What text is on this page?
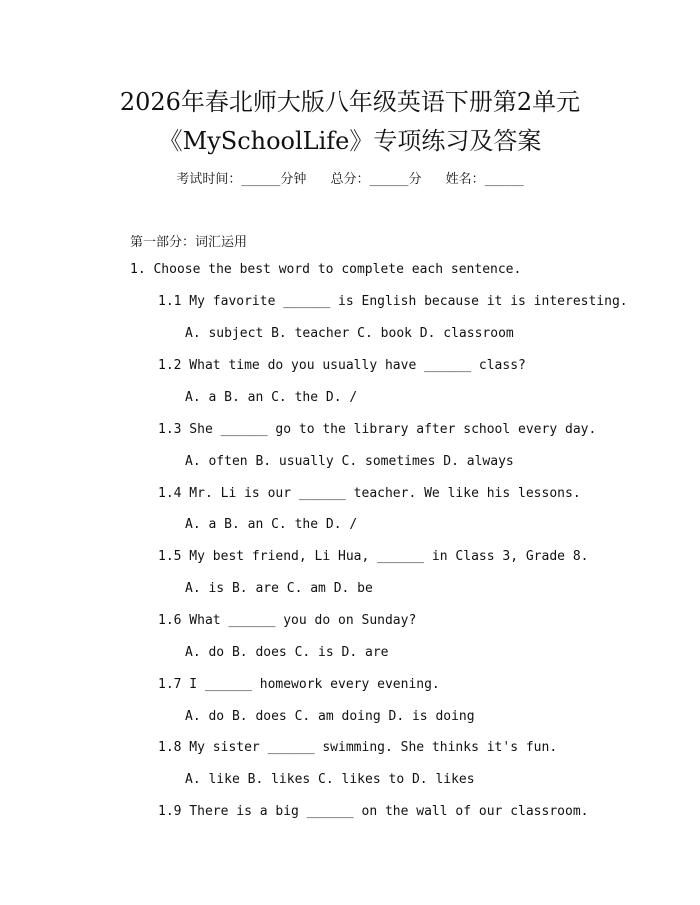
2026年春北师大版八年级英语下册第2单元
《MySchoolLife》专项练习及答案
考试时间：______分钟 总分：______分 姓名：______
第一部分：词汇运用
1. Choose the best word to complete each sentence.
1.1 My favorite ______ is English because it is interesting.
A. subject B. teacher C. book D. classroom
1.2 What time do you usually have ______ class?
A. a B. an C. the D. /
1.3 She ______ go to the library after school every day.
A. often B. usually C. sometimes D. always
1.4 Mr. Li is our ______ teacher. We like his lessons.
A. a B. an C. the D. /
1.5 My best friend, Li Hua, ______ in Class 3, Grade 8.
A. is B. are C. am D. be
1.6 What ______ you do on Sunday?
A. do B. does C. is D. are
1.7 I ______ homework every evening.
A. do B. does C. am doing D. is doing
1.8 My sister ______ swimming. She thinks it's fun.
A. like B. likes C. likes to D. likes
1.9 There is a big ______ on the wall of our classroom.
